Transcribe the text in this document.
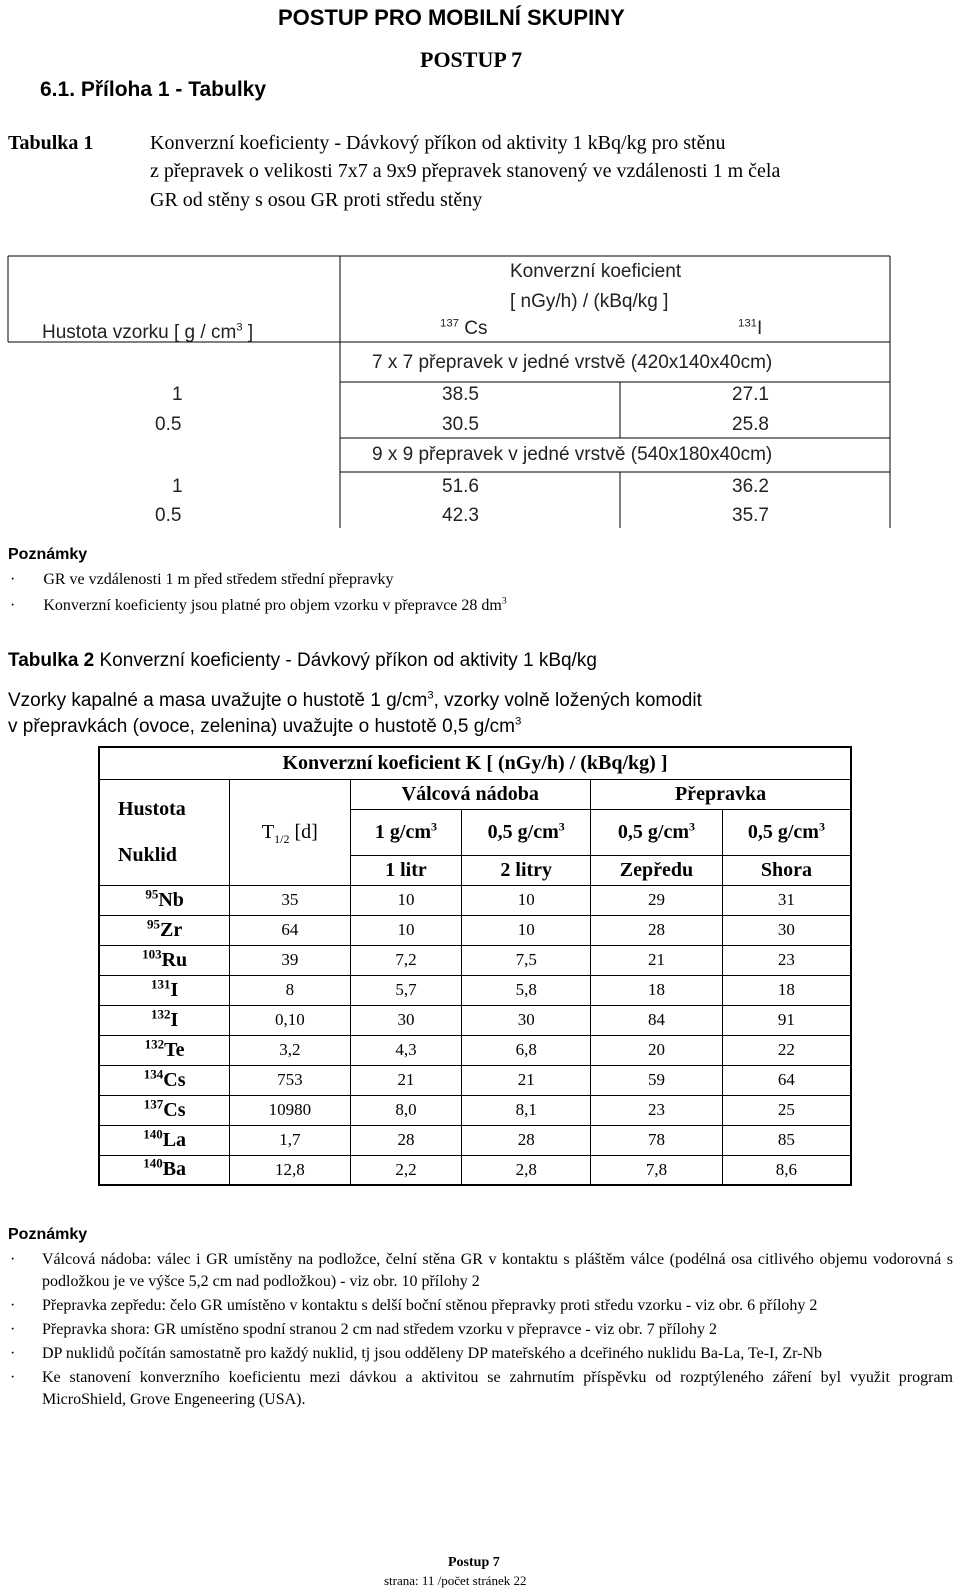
POSTUP PRO MOBILNÍ SKUPINY
POSTUP 7
6.1. Příloha 1 - Tabulky
Tabulka 1	Konverzní koeficienty - Dávkový příkon od aktivity 1 kBq/kg pro stěnu
z přepravek o velikosti 7x7 a 9x9 přepravek stanovený ve vzdálenosti 1 m čela
GR od stěny s osou GR proti středu stěny
Konverzní koeficient
[ nGy/h) / (kBq/kg ]
Hustota vzorku [ g / $cm^3$ ]	$^{137}$ Cs	$^{131}$I
7 x 7 přepravek v jedné vrstvě (420x140x40cm)
1	38.5	27.1
0.5	30.5	25.8
9 x 9 přepravek v jedné vrstvě (540x180x40cm)
1	51.6	36.2
0.5	42.3	35.7
Poznámky
· GR ve vzdálenosti 1 m před středem střední přepravky
· Konverzní koeficienty jsou platné pro objem vzorku v přepravce 28 $dm^3$
Tabulka 2 Konverzní koeficienty - Dávkový příkon od aktivity 1 kBq/kg
Vzorky kapalné a masa uvažujte o hustotě 1 $g/cm^3$, vzorky volně ložených komodit
v přepravkách (ovoce, zelenina) uvažujte o hustotě 0,5 $g/cm^3$
Konverzní koeficient K [ (nGy/h) / (kBq/kg) ]					
Hustota
Nuklid	$T_{1/2}$ [d]	Válcová nádoba		Přepravka	
		1 $g/cm^3$	0,5 $g/cm^3$	0,5 $g/cm^3$	0,5 $g/cm^3$
		1 litr	2 litry	Zepředu	Shora
$^{95}$Nb	35	10	10	29	31
$^{95}$Zr	64	10	10	28	30
$^{103}$Ru	39	7,2	7,5	21	23
$^{131}$I	8	5,7	5,8	18	18
$^{132}$I	0,10	30	30	84	91
$^{132}$Te	3,2	4,3	6,8	20	22
$^{134}$Cs	753	21	21	59	64
$^{137}$Cs	10980	8,0	8,1	23	25
$^{140}$La	1,7	28	28	78	85
$^{140}$Ba	12,8	2,2	2,8	7,8	8,6
Poznámky
· Válcová nádoba: válec i GR umístěny na podložce, čelní stěna GR v kontaktu s pláštěm válce (podélná osa citlivého objemu vodorovná s podložkou je ve výšce 5,2 cm nad podložkou) - viz obr. 10 přílohy 2
· Přepravka zepředu: čelo GR umístěno v kontaktu s delší boční stěnou přepravky proti středu vzorku - viz obr. 6 přílohy 2
· Přepravka shora: GR umístěno spodní stranou 2 cm nad středem vzorku v přepravce - viz obr. 7 přílohy 2
· DP nuklidů počítán samostatně pro každý nuklid, tj jsou odděleny DP mateřského a dceřiného nuklidu Ba-La, Te-I, Zr-Nb
· Ke stanovení konverzního koeficientu mezi dávkou a aktivitou se zahrnutím příspěvku od rozptýleného záření byl využit program MicroShield, Grove Engeneering (USA).
Postup 7
strana: 11 /počet stránek 22
